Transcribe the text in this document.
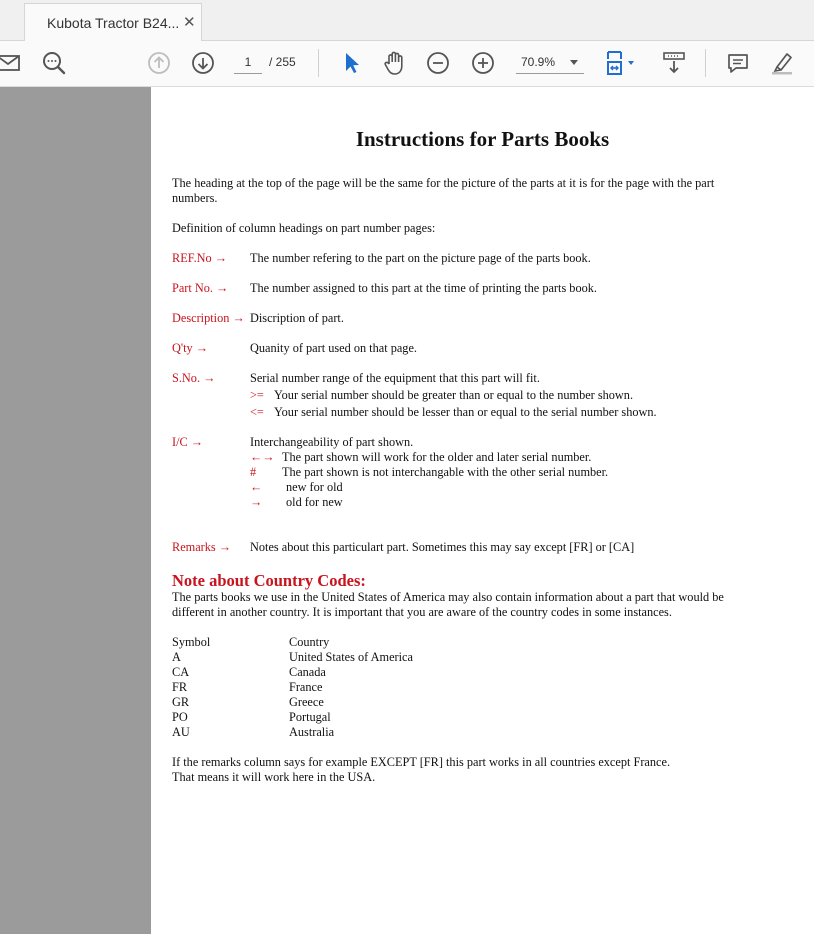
Kubota Tractor B24... ✕
1	/ 255	70.9%
Instructions for Parts Books
The heading at the top of the page will be the same for the picture of the parts at it is for the page with the part numbers.
Definition of column headings on part number pages:
REF.No → The number refering to the part on the picture page of the parts book.
Part No. → The number assigned to this part at the time of printing the parts book.
Description → Discription of part.
Q'ty →	Quanity of part used on that page.
S.No. →	Serial number range of the equipment that this part will fit.
>= Your serial number should be greater than or equal to the number shown.
<= Your serial number should be lesser than or equal to the serial number shown.
I/C →	Interchangeability of part shown.
←→ The part shown will work for the older and later serial number.
# The part shown is not interchangable with the other serial number.
← new for old
→ old for new
Remarks → Notes about this particulart part. Sometimes this may say except [FR] or [CA]
Note about Country Codes:
The parts books we use in the United States of America may also contain information about a part that would be different in another country. It is important that you are aware of the country codes in some instances.
Symbol	Country
A	United States of America
CA	Canada
FR	France
GR	Greece
PO	Portugal
AU	Australia
If the remarks column says for example EXCEPT [FR] this part works in all countries except France.
That means it will work here in the USA.
